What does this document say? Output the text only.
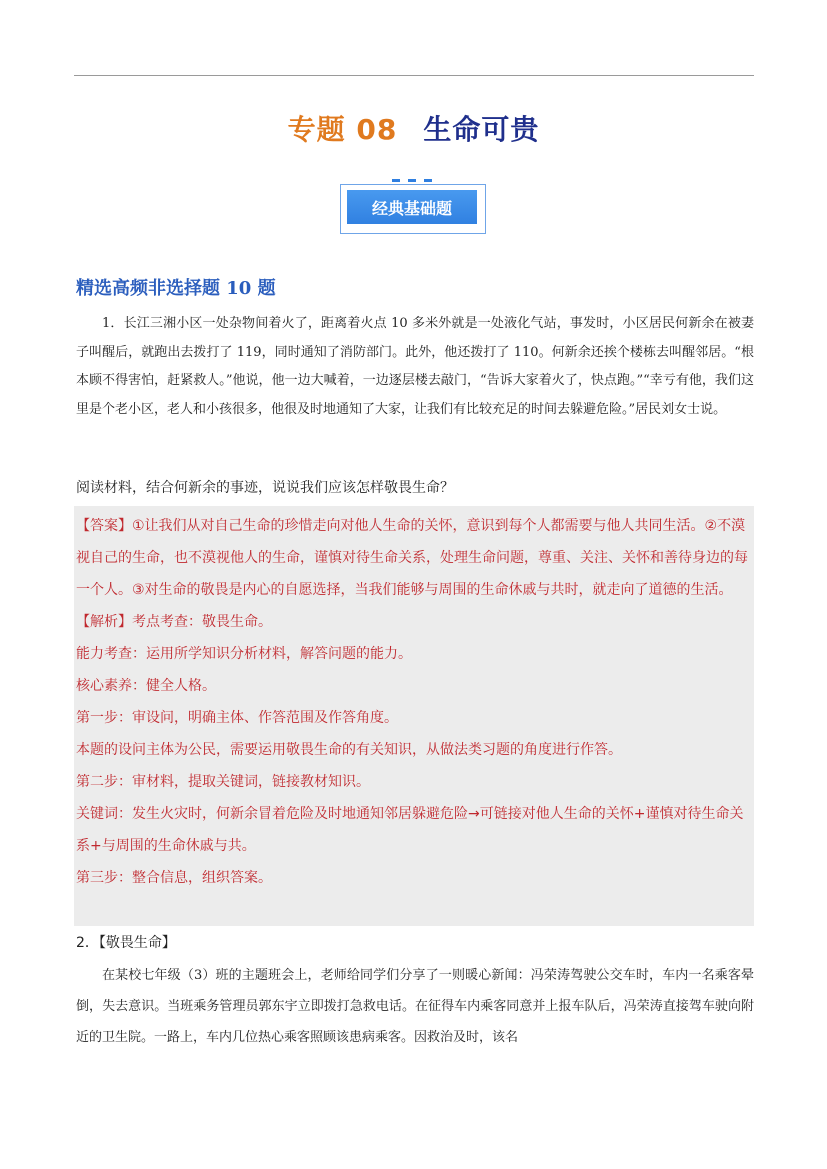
专题 08 生命可贵
经典基础题
精选高频非选择题 10 题
1．长江三湘小区一处杂物间着火了，距离着火点 10 多米外就是一处液化气站，事发时，小区居民何新余在被妻子叫醒后，就跑出去拨打了 119，同时通知了消防部门。此外，他还拨打了 110。何新余还挨个楼栋去叫醒邻居。“根本顾不得害怕，赶紧救人。”他说，他一边大喊着，一边逐层楼去敲门，“告诉大家着火了，快点跑。”“幸亏有他，我们这里是个老小区，老人和小孩很多，他很及时地通知了大家，让我们有比较充足的时间去躲避危险。”居民刘女士说。
阅读材料，结合何新余的事迹，说说我们应该怎样敬畏生命？

【答案】①让我们从对自己生命的珍惜走向对他人生命的关怀，意识到每个人都需要与他人共同生活。②不漠视自己的生命，也不漠视他人的生命，谨慎对待生命关系，处理生命问题，尊重、关注、关怀和善待身边的每一个人。③对生命的敬畏是内心的自愿选择，当我们能够与周围的生命休戚与共时，就走向了道德的生活。

【解析】考点考查：敬畏生命。

能力考查：运用所学知识分析材料，解答问题的能力。

核心素养：健全人格。

第一步：审设问，明确主体、作答范围及作答角度。

本题的设问主体为公民，需要运用敬畏生命的有关知识，从做法类习题的角度进行作答。

第二步：审材料，提取关键词，链接教材知识。

关键词：发生火灾时，何新余冒着危险及时地通知邻居躲避危险→可链接对他人生命的关怀+谨慎对待生命关系+与周围的生命休戚与共。

第三步：整合信息，组织答案。

2．【敬畏生命】
在某校七年级（3）班的主题班会上，老师给同学们分享了一则暖心新闻：冯荣涛驾驶公交车时，车内一名乘客晕倒，失去意识。当班乘务管理员郭东宇立即拨打急救电话。在征得车内乘客同意并上报车队后，冯荣涛直接驾车驶向附近的卫生院。一路上，车内几位热心乘客照顾该患病乘客。因救治及时，该名
